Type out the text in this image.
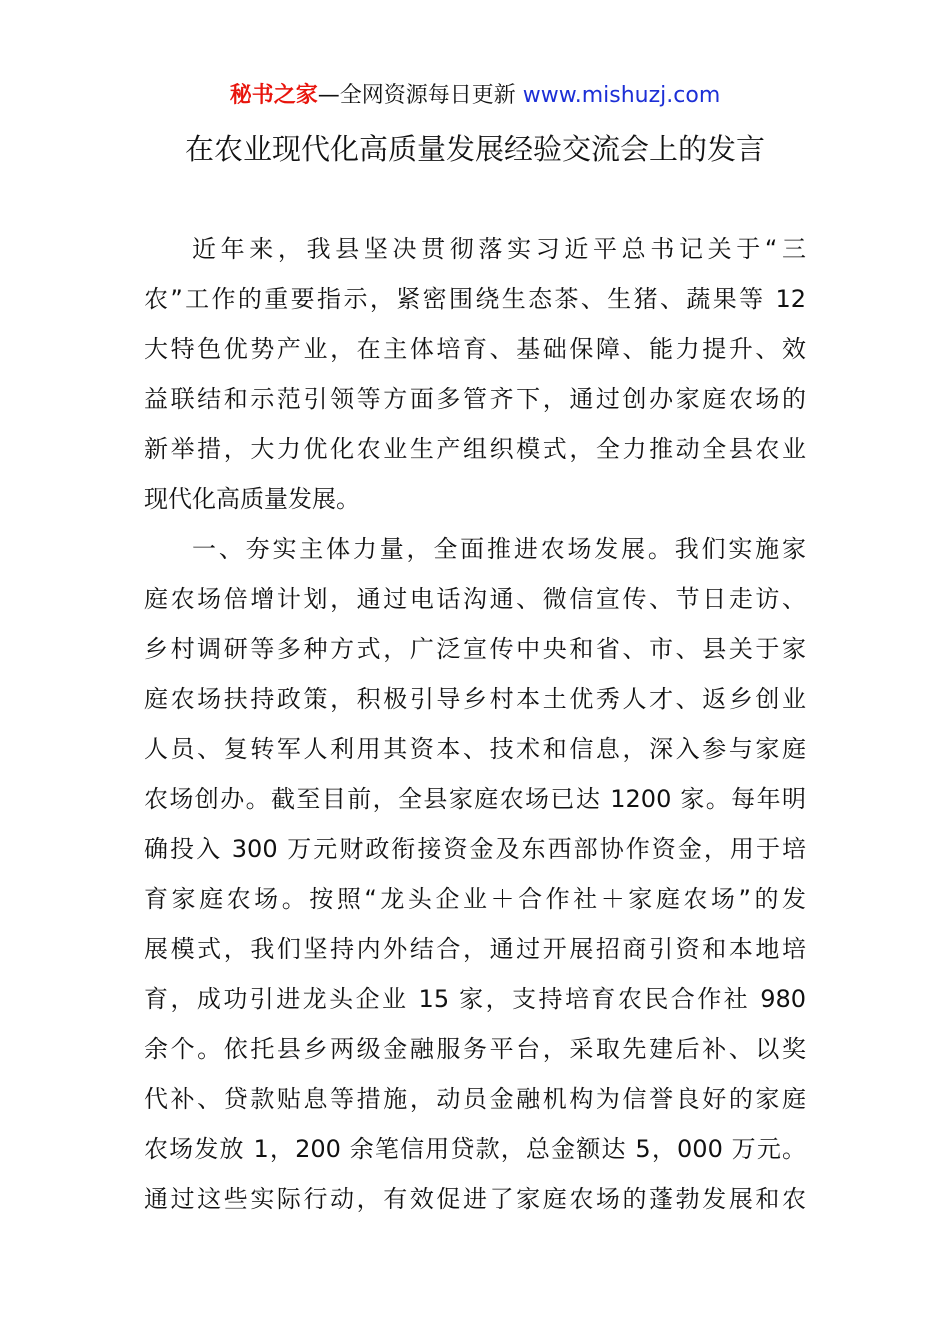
秘书之家—全网资源每日更新 www.mishuzj.com
在农业现代化高质量发展经验交流会上的发言
近年来，我县坚决贯彻落实习近平总书记关于“三
农”工作的重要指示，紧密围绕生态茶、生猪、蔬果等 12
大特色优势产业，在主体培育、基础保障、能力提升、效
益联结和示范引领等方面多管齐下，通过创办家庭农场的
新举措，大力优化农业生产组织模式，全力推动全县农业
现代化高质量发展。
一、夯实主体力量，全面推进农场发展。我们实施家
庭农场倍增计划，通过电话沟通、微信宣传、节日走访、
乡村调研等多种方式，广泛宣传中央和省、市、县关于家
庭农场扶持政策，积极引导乡村本土优秀人才、返乡创业
人员、复转军人利用其资本、技术和信息，深入参与家庭
农场创办。截至目前，全县家庭农场已达 1200 家。每年明
确投入 300 万元财政衔接资金及东西部协作资金，用于培
育家庭农场。按照“龙头企业＋合作社＋家庭农场”的发
展模式，我们坚持内外结合，通过开展招商引资和本地培
育，成功引进龙头企业 15 家，支持培育农民合作社 980
余个。依托县乡两级金融服务平台，采取先建后补、以奖
代补、贷款贴息等措施，动员金融机构为信誉良好的家庭
农场发放 1，200 余笔信用贷款，总金额达 5，000 万元。
通过这些实际行动，有效促进了家庭农场的蓬勃发展和农
